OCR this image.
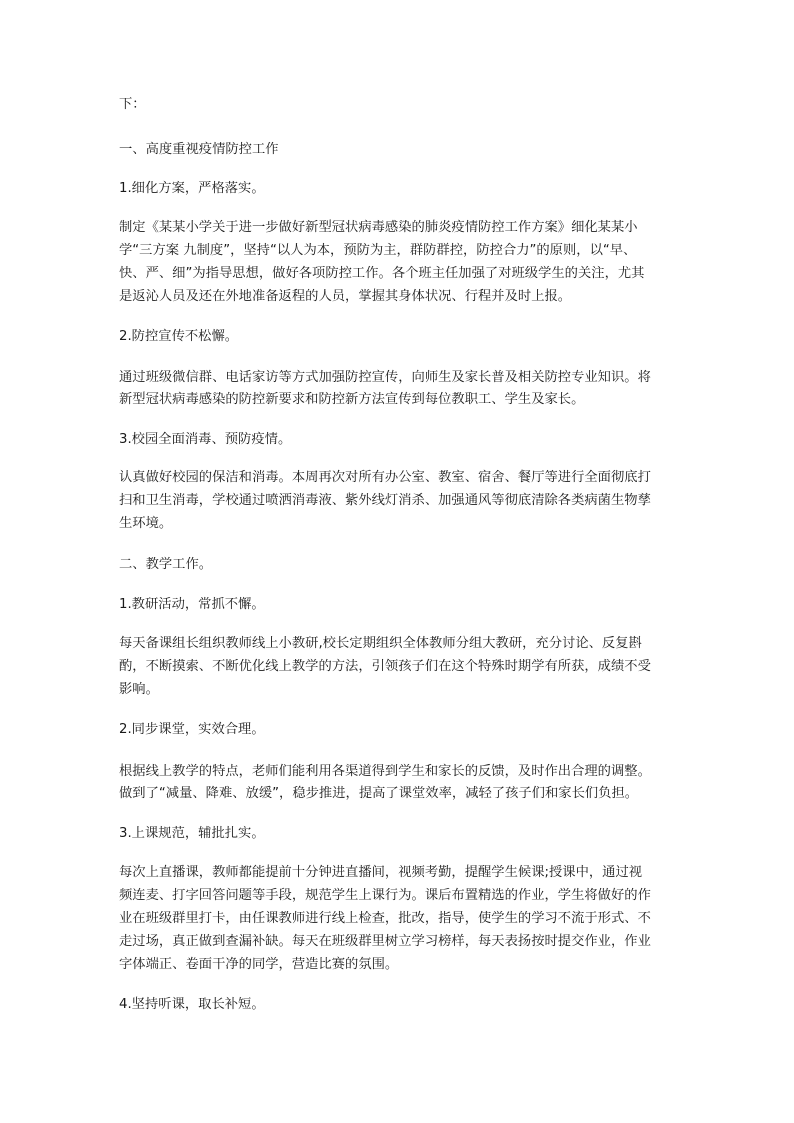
下：
一、高度重视疫情防控工作
1.细化方案，严格落实。
制定《某某小学关于进一步做好新型冠状病毒感染的肺炎疫情防控工作方案》细化某某小
学“三方案 九制度”，坚持“以人为本，预防为主，群防群控，防控合力”的原则，以“早、
快、严、细”为指导思想，做好各项防控工作。各个班主任加强了对班级学生的关注，尤其
是返沁人员及还在外地准备返程的人员，掌握其身体状况、行程并及时上报。
2.防控宣传不松懈。
通过班级微信群、电话家访等方式加强防控宣传，向师生及家长普及相关防控专业知识。将
新型冠状病毒感染的防控新要求和防控新方法宣传到每位教职工、学生及家长。
3.校园全面消毒、预防疫情。
认真做好校园的保洁和消毒。本周再次对所有办公室、教室、宿舍、餐厅等进行全面彻底打
扫和卫生消毒，学校通过喷洒消毒液、紫外线灯消杀、加强通风等彻底清除各类病菌生物孳
生环境。
二、教学工作。
1.教研活动，常抓不懈。
每天备课组长组织教师线上小教研,校长定期组织全体教师分组大教研，充分讨论、反复斟
酌，不断摸索、不断优化线上教学的方法，引领孩子们在这个特殊时期学有所获，成绩不受
影响。
2.同步课堂，实效合理。
根据线上教学的特点，老师们能利用各渠道得到学生和家长的反馈，及时作出合理的调整。
做到了“减量、降难、放缓”，稳步推进，提高了课堂效率，减轻了孩子们和家长们负担。
3.上课规范，辅批扎实。
每次上直播课，教师都能提前十分钟进直播间，视频考勤，提醒学生候课;授课中，通过视
频连麦、打字回答问题等手段，规范学生上课行为。课后布置精选的作业，学生将做好的作
业在班级群里打卡，由任课教师进行线上检查，批改，指导，使学生的学习不流于形式、不
走过场，真正做到查漏补缺。每天在班级群里树立学习榜样，每天表扬按时提交作业，作业
字体端正、卷面干净的同学，营造比赛的氛围。
4.坚持听课，取长补短。
